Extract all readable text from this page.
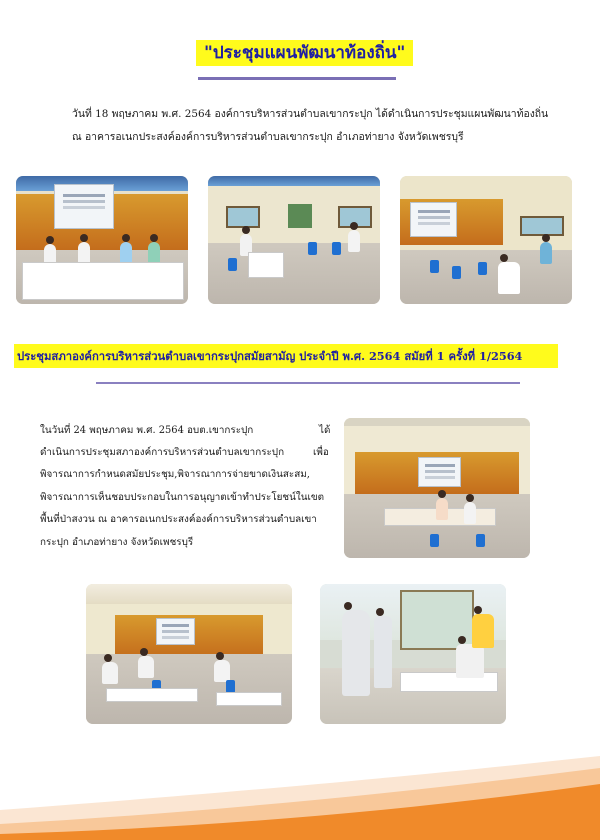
"ประชุมแผนพัฒนาท้องถิ่น"
วันที่ 18 พฤษภาคม พ.ศ. 2564 องค์การบริหารส่วนตำบลเขากระปุก ได้ดำเนินการประชุมแผนพัฒนาท้องถิ่น
ณ อาคารอเนกประสงค์องค์การบริหารส่วนตำบลเขากระปุก อำเภอท่ายาง จังหวัดเพชรบุรี
ประชุมสภาองค์การบริหารส่วนตำบลเขากระปุกสมัยสามัญ ประจำปี พ.ศ. 2564 สมัยที่ 1 ครั้งที่ 1/2564
ในวันที่ 24 พฤษภาคม พ.ศ. 2564 อบต.เขากระปุก	ได้
ดำเนินการประชุมสภาองค์การบริหารส่วนตำบลเขากระปุก	เพื่อ
พิจารณาการกำหนดสมัยประชุม,พิจารณาการจ่ายขาดเงินสะสม,
พิจารณาการเห็นชอบประกอบในการอนุญาตเข้าทำประโยชน์ในเขต
พื้นที่ป่าสงวน ณ อาคารอเนกประสงค์องค์การบริหารส่วนตำบลเขา
กระปุก อำเภอท่ายาง จังหวัดเพชรบุรี
